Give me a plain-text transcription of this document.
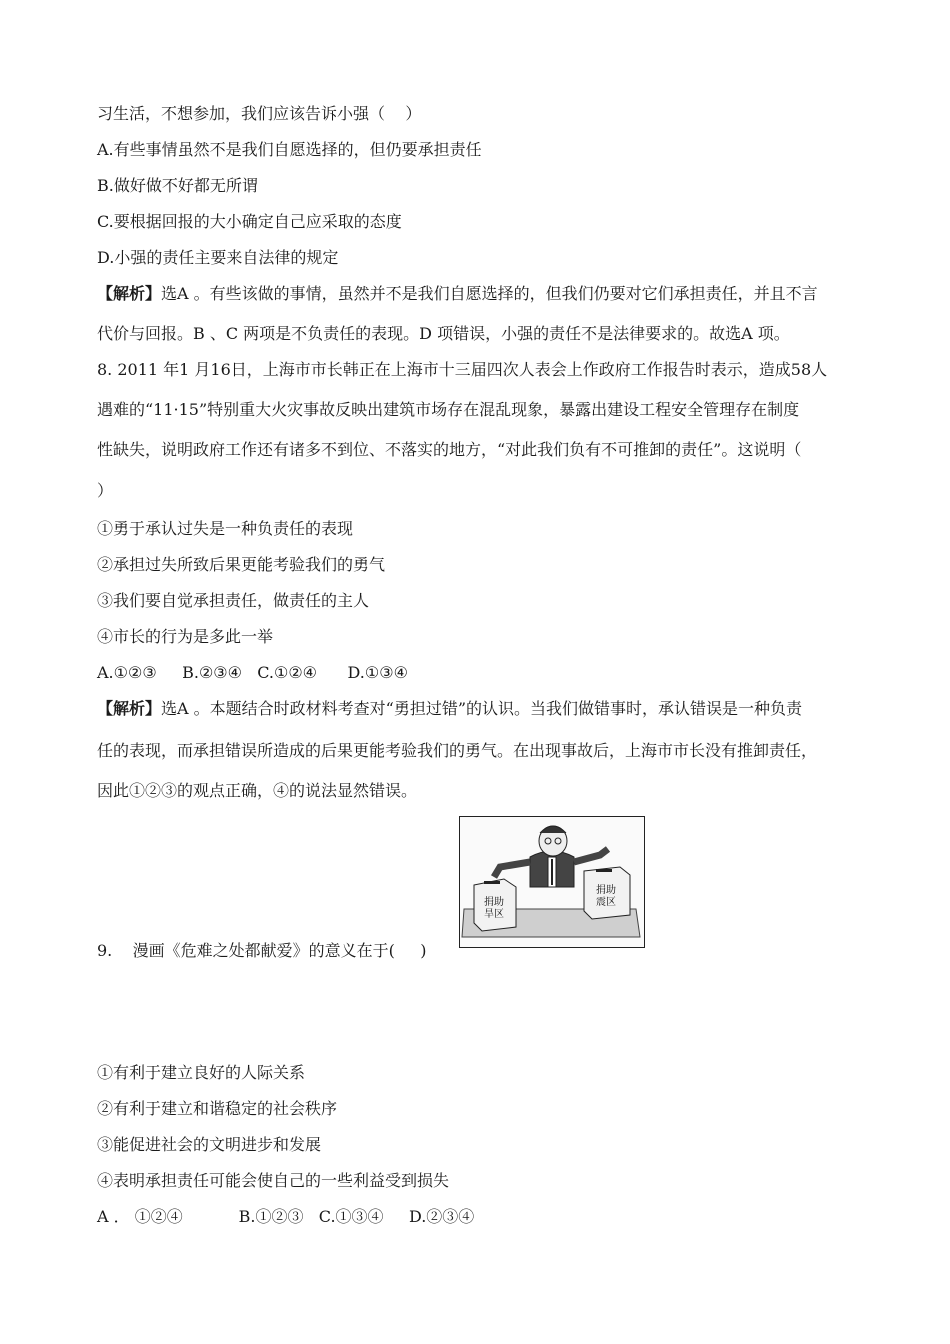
习生活，不想参加，我们应该告诉小强（    ）
A.有些事情虽然不是我们自愿选择的，但仍要承担责任
B.做好做不好都无所谓
C.要根据回报的大小确定自己应采取的态度
D.小强的责任主要来自法律的规定
【解析】选A 。有些该做的事情，虽然并不是我们自愿选择的，但我们仍要对它们承担责任，并且不言
代价与回报。B 、C 两项是不负责任的表现。D 项错误，小强的责任不是法律要求的。故选A 项。
8. 2011 年1 月16日，上海市市长韩正在上海市十三届四次人表会上作政府工作报告时表示，造成58人
遇难的“11·15”特别重大火灾事故反映出建筑市场存在混乱现象，暴露出建设工程安全管理存在制度
性缺失，说明政府工作还有诸多不到位、不落实的地方，“对此我们负有不可推卸的责任”。这说明（
）
①勇于承认过失是一种负责任的表现
②承担过失所致后果更能考验我们的勇气
③我们要自觉承担责任，做责任的主人
④市长的行为是多此一举
A.①②③     B.②③④   C.①②④      D.①③④
【解析】选A 。本题结合时政材料考查对“勇担过错”的认识。当我们做错事时，承认错误是一种负责
任的表现，而承担错误所造成的后果更能考验我们的勇气。在出现事故后，上海市市长没有推卸责任，
因此①②③的观点正确，④的说法显然错误。
捐助
旱区
捐助
震区
9.    漫画《危难之处都献爱》的意义在于(     )
①有利于建立良好的人际关系
②有利于建立和谐稳定的社会秩序
③能促进社会的文明进步和发展
④表明承担责任可能会使自己的一些利益受到损失
A ． ①②④           B.①②③   C.①③④     D.②③④
